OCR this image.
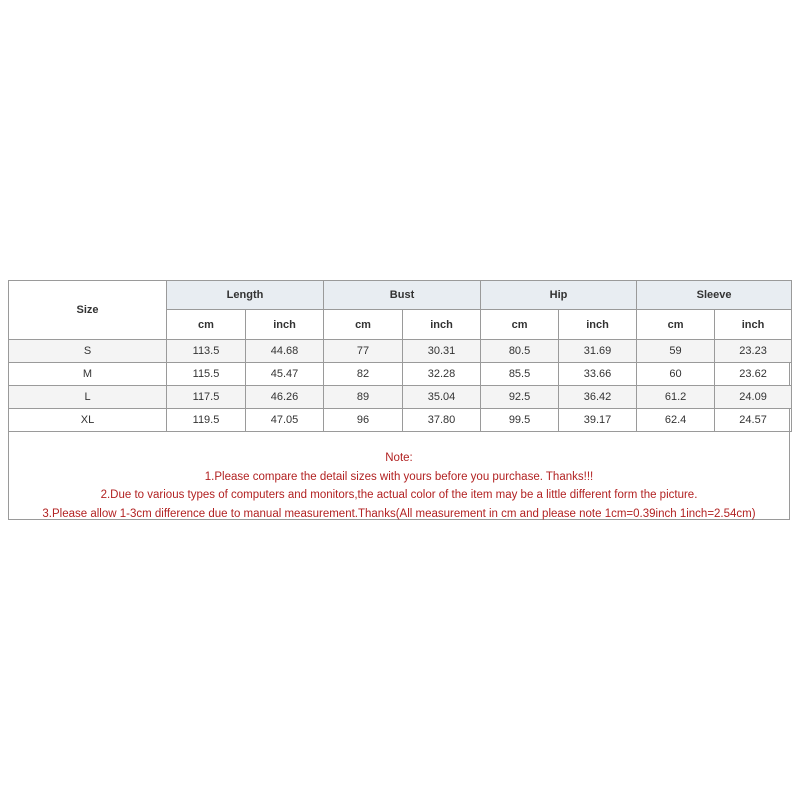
Size	Length		Bust		Hip		Sleeve	
	cm	inch	cm	inch	cm	inch	cm	inch
S	113.5	44.68	77	30.31	80.5	31.69	59	23.23
M	115.5	45.47	82	32.28	85.5	33.66	60	23.62
L	117.5	46.26	89	35.04	92.5	36.42	61.2	24.09
XL	119.5	47.05	96	37.80	99.5	39.17	62.4	24.57
Note:
1.Please compare the detail sizes with yours before you purchase. Thanks!!!
2.Due to various types of computers and monitors,the actual color of the item may be a little different form the picture.
3.Please allow 1-3cm difference due to manual measurement.Thanks(All measurement in cm and please note 1cm=0.39inch 1inch=2.54cm)
